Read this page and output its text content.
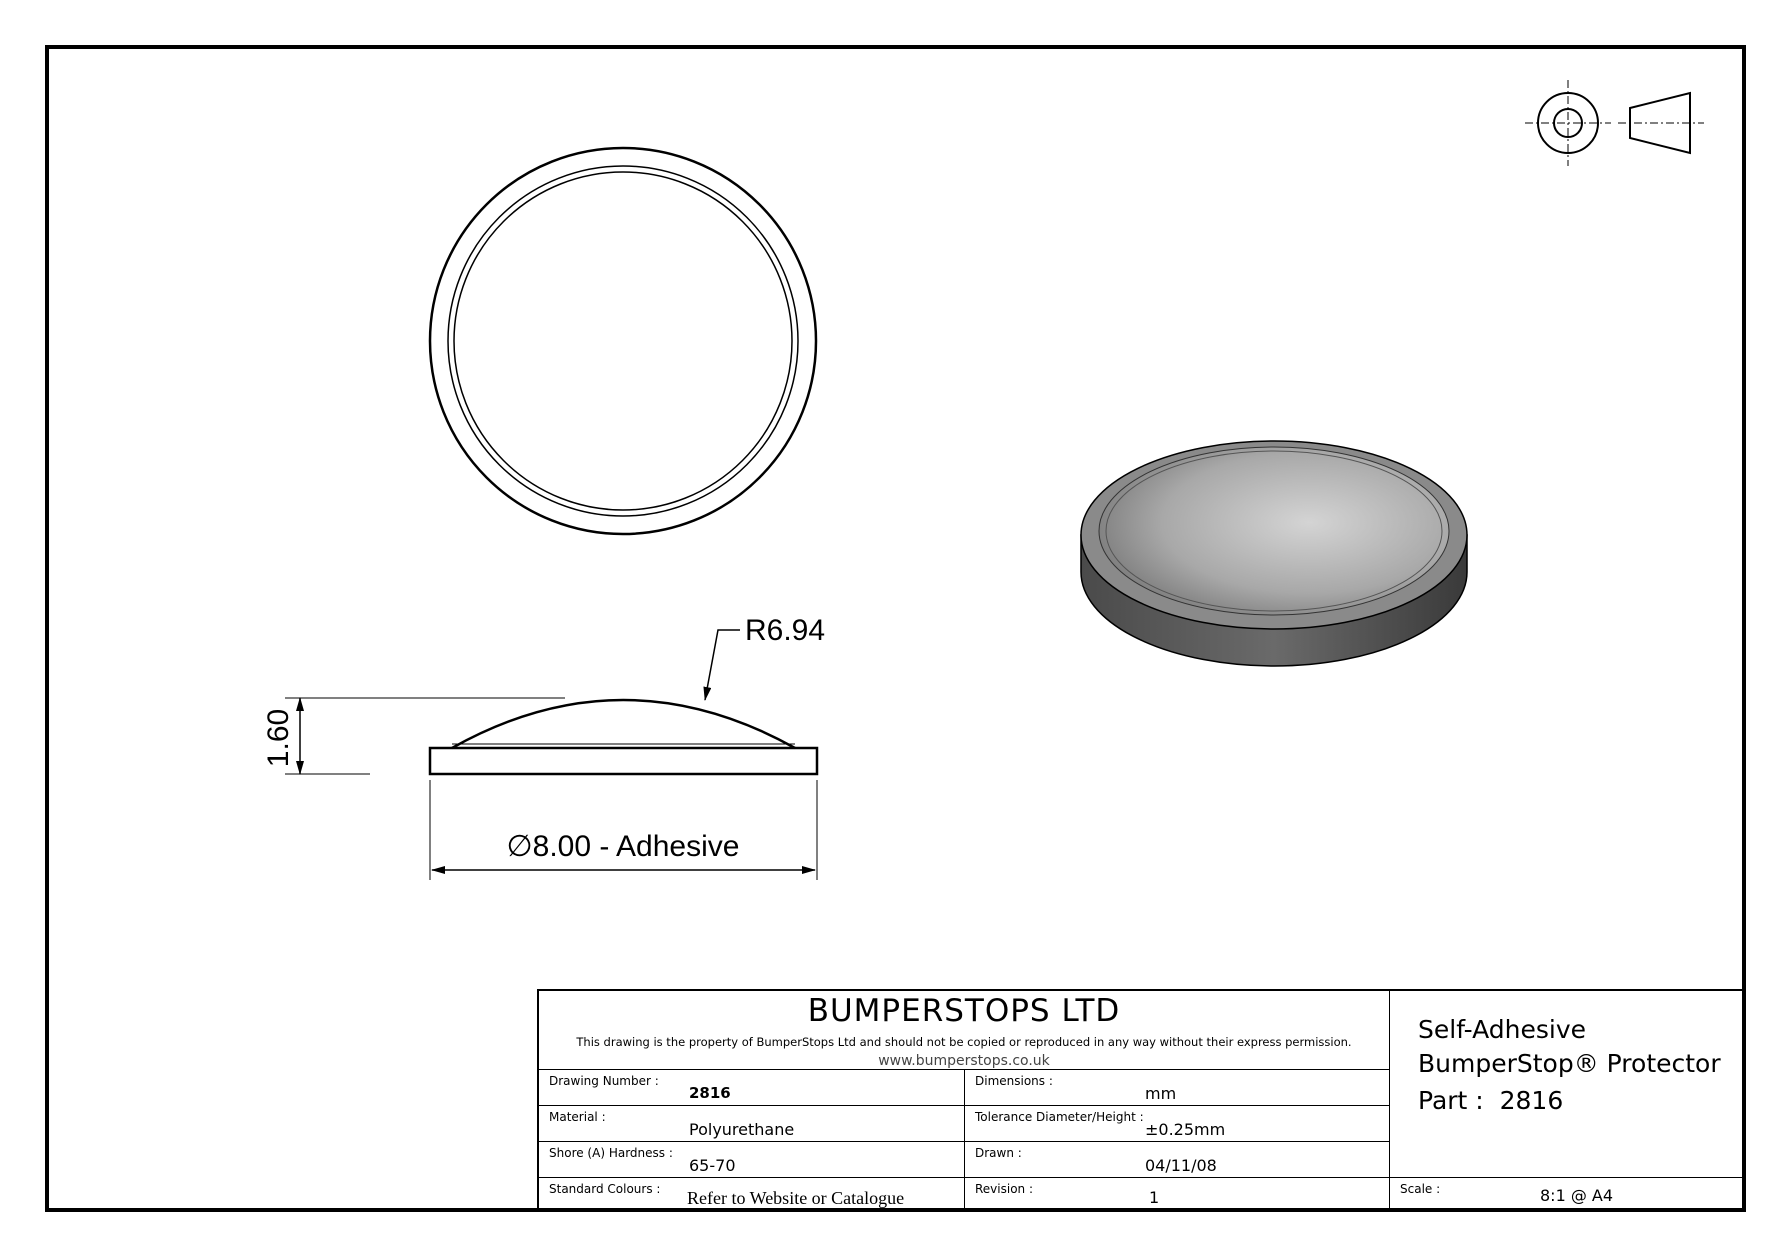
R6.94
1.60
∅8.00 - Adhesive
BUMPERSTOPS LTD
This drawing is the property of BumperStops Ltd and should not be copied or reproduced in any way without their express permission.
www.bumperstops.co.uk
Drawing Number :
2816
Dimensions :
mm
Material :
Polyurethane
Tolerance Diameter/Height :
±0.25mm
Shore (A) Hardness :
65-70
Drawn :
04/11/08
Standard Colours : Refer to Website or Catalogue	Revision :	1
Self-Adhesive
BumperStop® Protector
Part :  2816
Scale :	8:1 @ A4
